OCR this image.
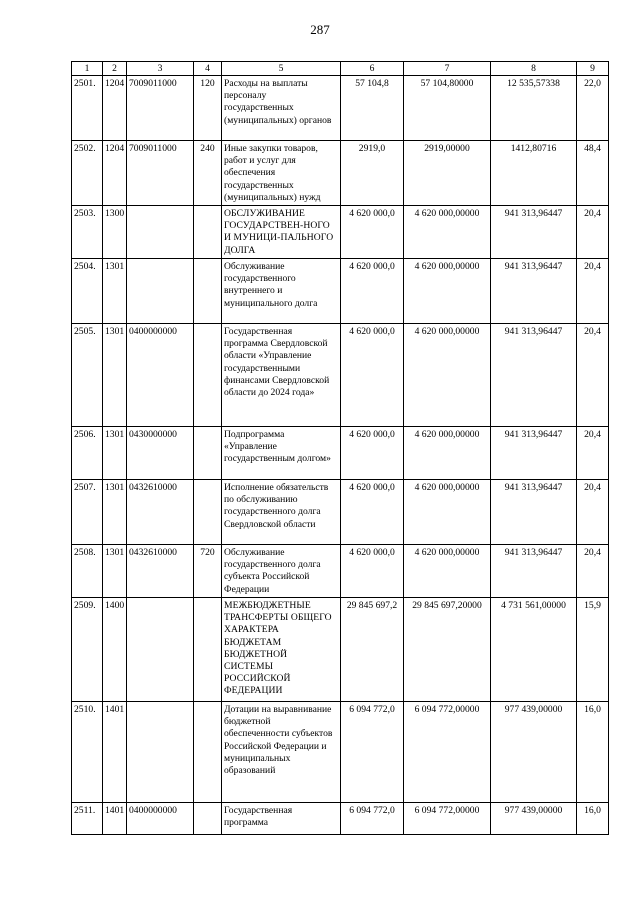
287
1	2	3	4	5	6	7	8	9
2501.	1204	7009011000	120	Расходы на выплаты персоналу государственных (муниципальных) органов	57 104,8	57 104,80000	12 535,57338	22,0
2502.	1204	7009011000	240	Иные закупки товаров, работ и услуг для обеспечения государственных (муниципальных) нужд	2919,0	2919,00000	1412,80716	48,4
2503.	1300			ОБСЛУЖИВАНИЕ ГОСУДАРСТВЕН-НОГО И МУНИЦИ-ПАЛЬНОГО ДОЛГА	4 620 000,0	4 620 000,00000	941 313,96447	20,4
2504.	1301			Обслуживание государственного внутреннего и муниципального долга	4 620 000,0	4 620 000,00000	941 313,96447	20,4
2505.	1301	0400000000		Государственная программа Свердловской области «Управление государственными финансами Свердловской области до 2024 года»	4 620 000,0	4 620 000,00000	941 313,96447	20,4
2506.	1301	0430000000		Подпрограмма «Управление государственным долгом»	4 620 000,0	4 620 000,00000	941 313,96447	20,4
2507.	1301	0432610000		Исполнение обязательств по обслуживанию государственного долга Свердловской области	4 620 000,0	4 620 000,00000	941 313,96447	20,4
2508.	1301	0432610000	720	Обслуживание государственного долга субъекта Российской Федерации	4 620 000,0	4 620 000,00000	941 313,96447	20,4
2509.	1400			МЕЖБЮДЖЕТНЫЕ ТРАНСФЕРТЫ ОБЩЕГО ХАРАКТЕРА БЮДЖЕТАМ БЮДЖЕТНОЙ СИСТЕМЫ РОССИЙСКОЙ ФЕДЕРАЦИИ	29 845 697,2	29 845 697,20000	4 731 561,00000	15,9
2510.	1401			Дотации на выравнивание бюджетной обеспеченности субъектов Российской Федерации и муниципальных образований	6 094 772,0	6 094 772,00000	977 439,00000	16,0
2511.	1401	0400000000		Государственная программа	6 094 772,0	6 094 772,00000	977 439,00000	16,0
